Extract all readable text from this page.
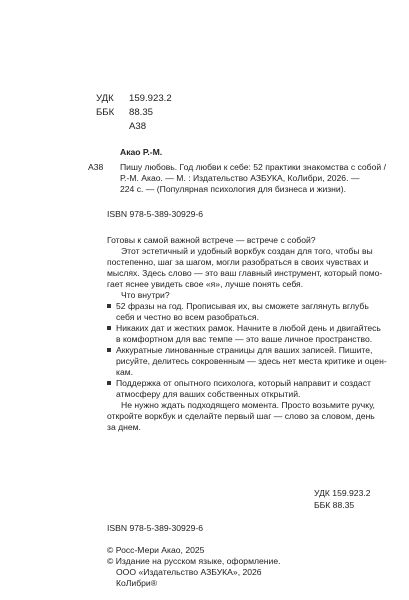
УДК 159.923.2
ББК 88.35
А38
А38
Акао Р.-М.
Пишу любовь. Год любви к себе: 52 практики знакомства с собой /
Р.-М. Акао. — М. : Издательство АЗБУКА, КоЛибри, 2026. —
224 с. — (Популярная психология для бизнеса и жизни).
ISBN 978-5-389-30929-6
Готовы к самой важной встрече — встрече с собой?
Этот эстетичный и удобный воркбук создан для того, чтобы вы
постепенно, шаг за шагом, могли разобраться в своих чувствах и
мыслях. Здесь слово — это ваш главный инструмент, который помо-
гает яснее увидеть свое «я», лучше понять себя.
Что внутри?
52 фразы на год. Прописывая их, вы сможете заглянуть вглубь
себя и честно во всем разобраться.
Никаких дат и жестких рамок. Начните в любой день и двигайтесь
в комфортном для вас темпе — это ваше личное пространство.
Аккуратные линованные страницы для ваших записей. Пишите,
рисуйте, делитесь сокровенным — здесь нет места критике и оцен-
кам.
Поддержка от опытного психолога, который направит и создаст
атмосферу для ваших собственных открытий.
Не нужно ждать подходящего момента. Просто возьмите ручку,
откройте воркбук и сделайте первый шаг — слово за словом, день
за днем.
УДК 159.923.2
ББК 88.35
ISBN 978-5-389-30929-6
© Росс-Мери Акао, 2025
© Издание на русском языке, оформление.
ООО «Издательство АЗБУКА», 2026
КоЛибри®
